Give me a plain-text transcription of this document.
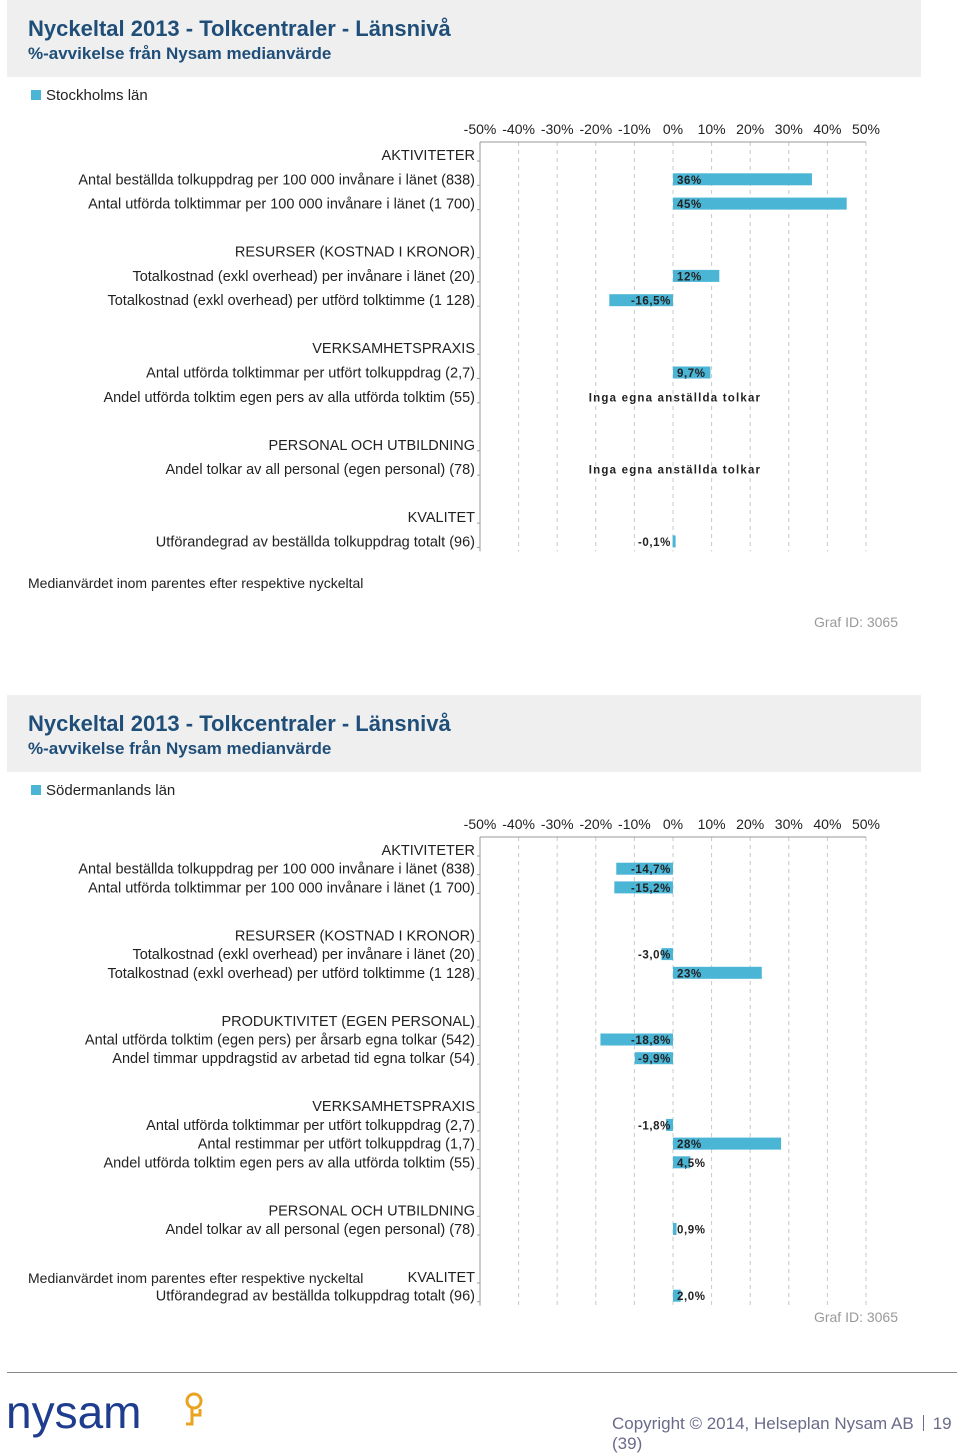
Nyckeltal 2013 - Tolkcentraler - Länsnivå
%-avvikelse från Nysam medianvärde
Stockholms län
-50% -40% -30% -20% -10% 0% 10% 20% 30% 40% 50%
AKTIVITETER
Antal beställda tolkuppdrag per 100 000 invånare i länet (838)	36%
Antal utförda tolktimmar per 100 000 invånare i länet (1 700)	45%
RESURSER (KOSTNAD I KRONOR)
Totalkostnad (exkl overhead) per invånare i länet (20)	12%
Totalkostnad (exkl overhead) per utförd tolktimme (1 128)	-16,5%
VERKSAMHETSPRAXIS
Antal utförda tolktimmar per utfört tolkuppdrag (2,7)	9,7%
Andel utförda tolktim egen pers av alla utförda tolktim (55)	Inga egna anställda tolkar
PERSONAL OCH UTBILDNING
Andel tolkar av all personal (egen personal) (78)	Inga egna anställda tolkar
KVALITET
Utförandegrad av beställda tolkuppdrag totalt (96)	-0,1%
Medianvärdet inom parentes efter respektive nyckeltal
Graf ID: 3065
Nyckeltal 2013 - Tolkcentraler - Länsnivå
%-avvikelse från Nysam medianvärde
Södermanlands län
-50% -40% -30% -20% -10% 0% 10% 20% 30% 40% 50%
AKTIVITETER
Antal beställda tolkuppdrag per 100 000 invånare i länet (838)	-14,7%
Antal utförda tolktimmar per 100 000 invånare i länet (1 700)	-15,2%
RESURSER (KOSTNAD I KRONOR)
Totalkostnad (exkl overhead) per invånare i länet (20)	-3,0%
Totalkostnad (exkl overhead) per utförd tolktimme (1 128)	23%
PRODUKTIVITET (EGEN PERSONAL)
Antal utförda tolktim (egen pers) per årsarb egna tolkar (542)	-18,8%
Andel timmar uppdragstid av arbetad tid egna tolkar (54)	-9,9%
VERKSAMHETSPRAXIS
Antal utförda tolktimmar per utfört tolkuppdrag (2,7)	-1,8%
Antal restimmar per utfört tolkuppdrag (1,7)	28%
Andel utförda tolktim egen pers av alla utförda tolktim (55)	4,5%
PERSONAL OCH UTBILDNING
Andel tolkar av all personal (egen personal) (78)	0,9%
KVALITET
Utförandegrad av beställda tolkuppdrag totalt (96)	2,0%
Medianvärdet inom parentes efter respektive nyckeltal
Graf ID: 3065
nysam	Copyright © 2014, Helseplan Nysam AB 19 (39)
